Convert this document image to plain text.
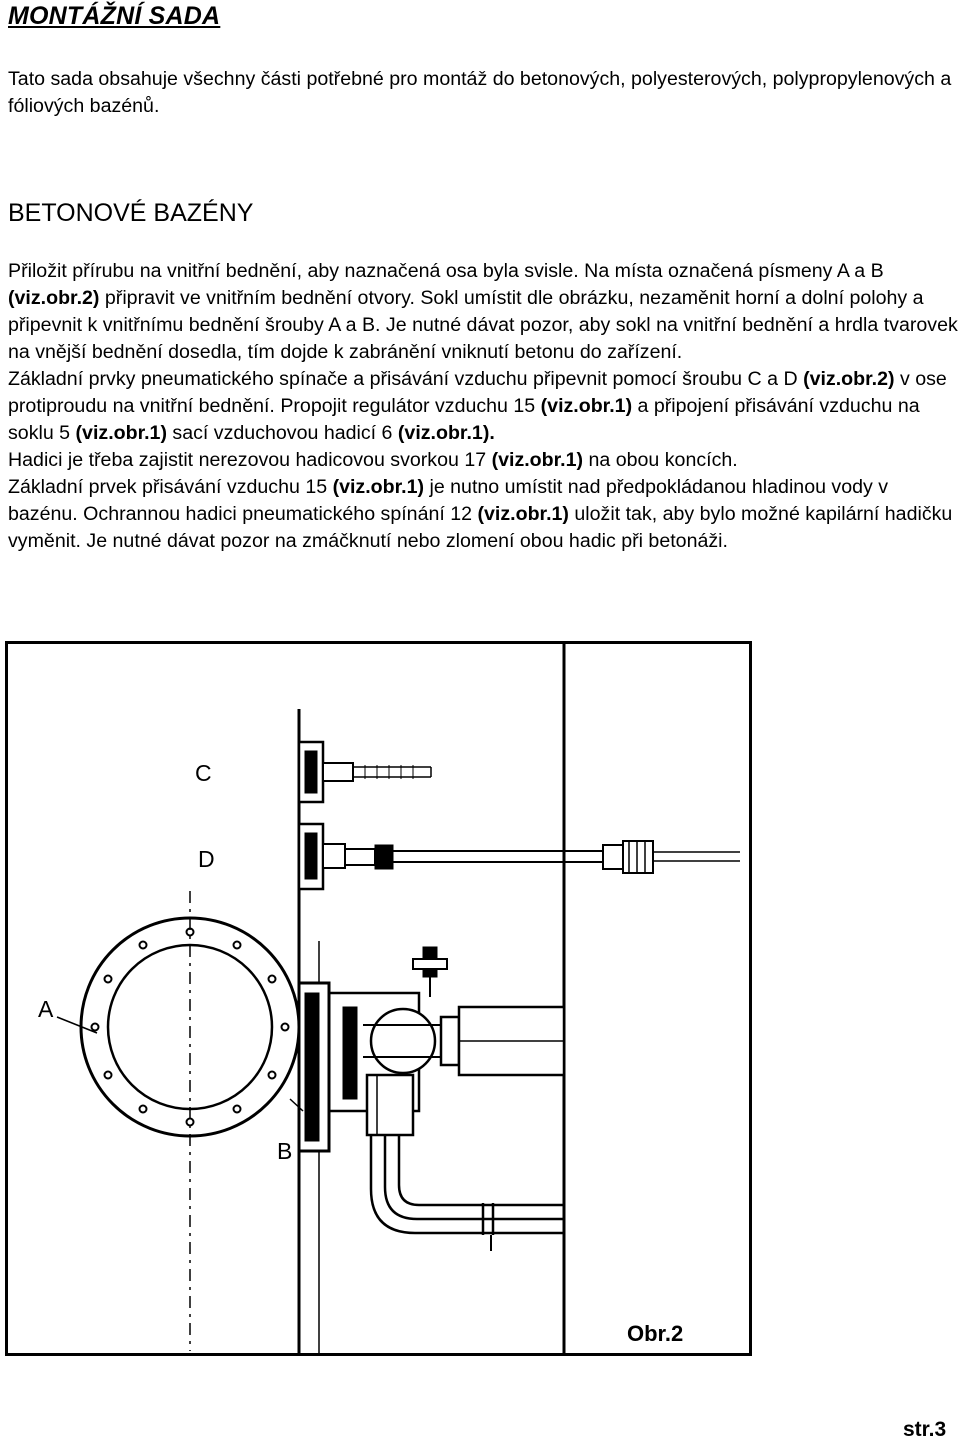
MONTÁŽNÍ SADA

Tato sada obsahuje všechny části potřebné pro montáž do betonových, polyesterových, polypropylenových a fóliových bazénů.

BETONOVÉ BAZÉNY

Přiložit přírubu na vnitřní bednění, aby naznačená osa byla svisle. Na místa označená písmeny A a B (viz.obr.2) připravit ve vnitřním bednění otvory. Sokl umístit dle obrázku, nezaměnit horní a dolní polohy a připevnit k vnitřnímu bednění šrouby A a B. Je nutné dávat pozor, aby sokl na vnitřní bednění a hrdla tvarovek na vnější bednění dosedla, tím dojde k zabránění vniknutí betonu do zařízení.
Základní prvky pneumatického spínače a přisávání vzduchu připevnit pomocí šroubu C a D (viz.obr.2) v ose protiproudu na vnitřní bednění. Propojit regulátor vzduchu 15 (viz.obr.1) a připojení přisávání vzduchu na soklu 5 (viz.obr.1) sací vzduchovou hadicí 6 (viz.obr.1).
Hadici je třeba zajistit nerezovou hadicovou svorkou 17 (viz.obr.1) na obou koncích.
Základní prvek přisávání vzduchu 15 (viz.obr.1) je nutno umístit nad předpokládanou hladinou vody v bazénu. Ochrannou hadici pneumatického spínání 12 (viz.obr.1) uložit tak, aby bylo možné kapilární hadičku vyměnit. Je nutné dávat pozor na zmáčknutí nebo zlomení obou hadic při betonáži.

C
D
A
B
Obr.2

str.3
